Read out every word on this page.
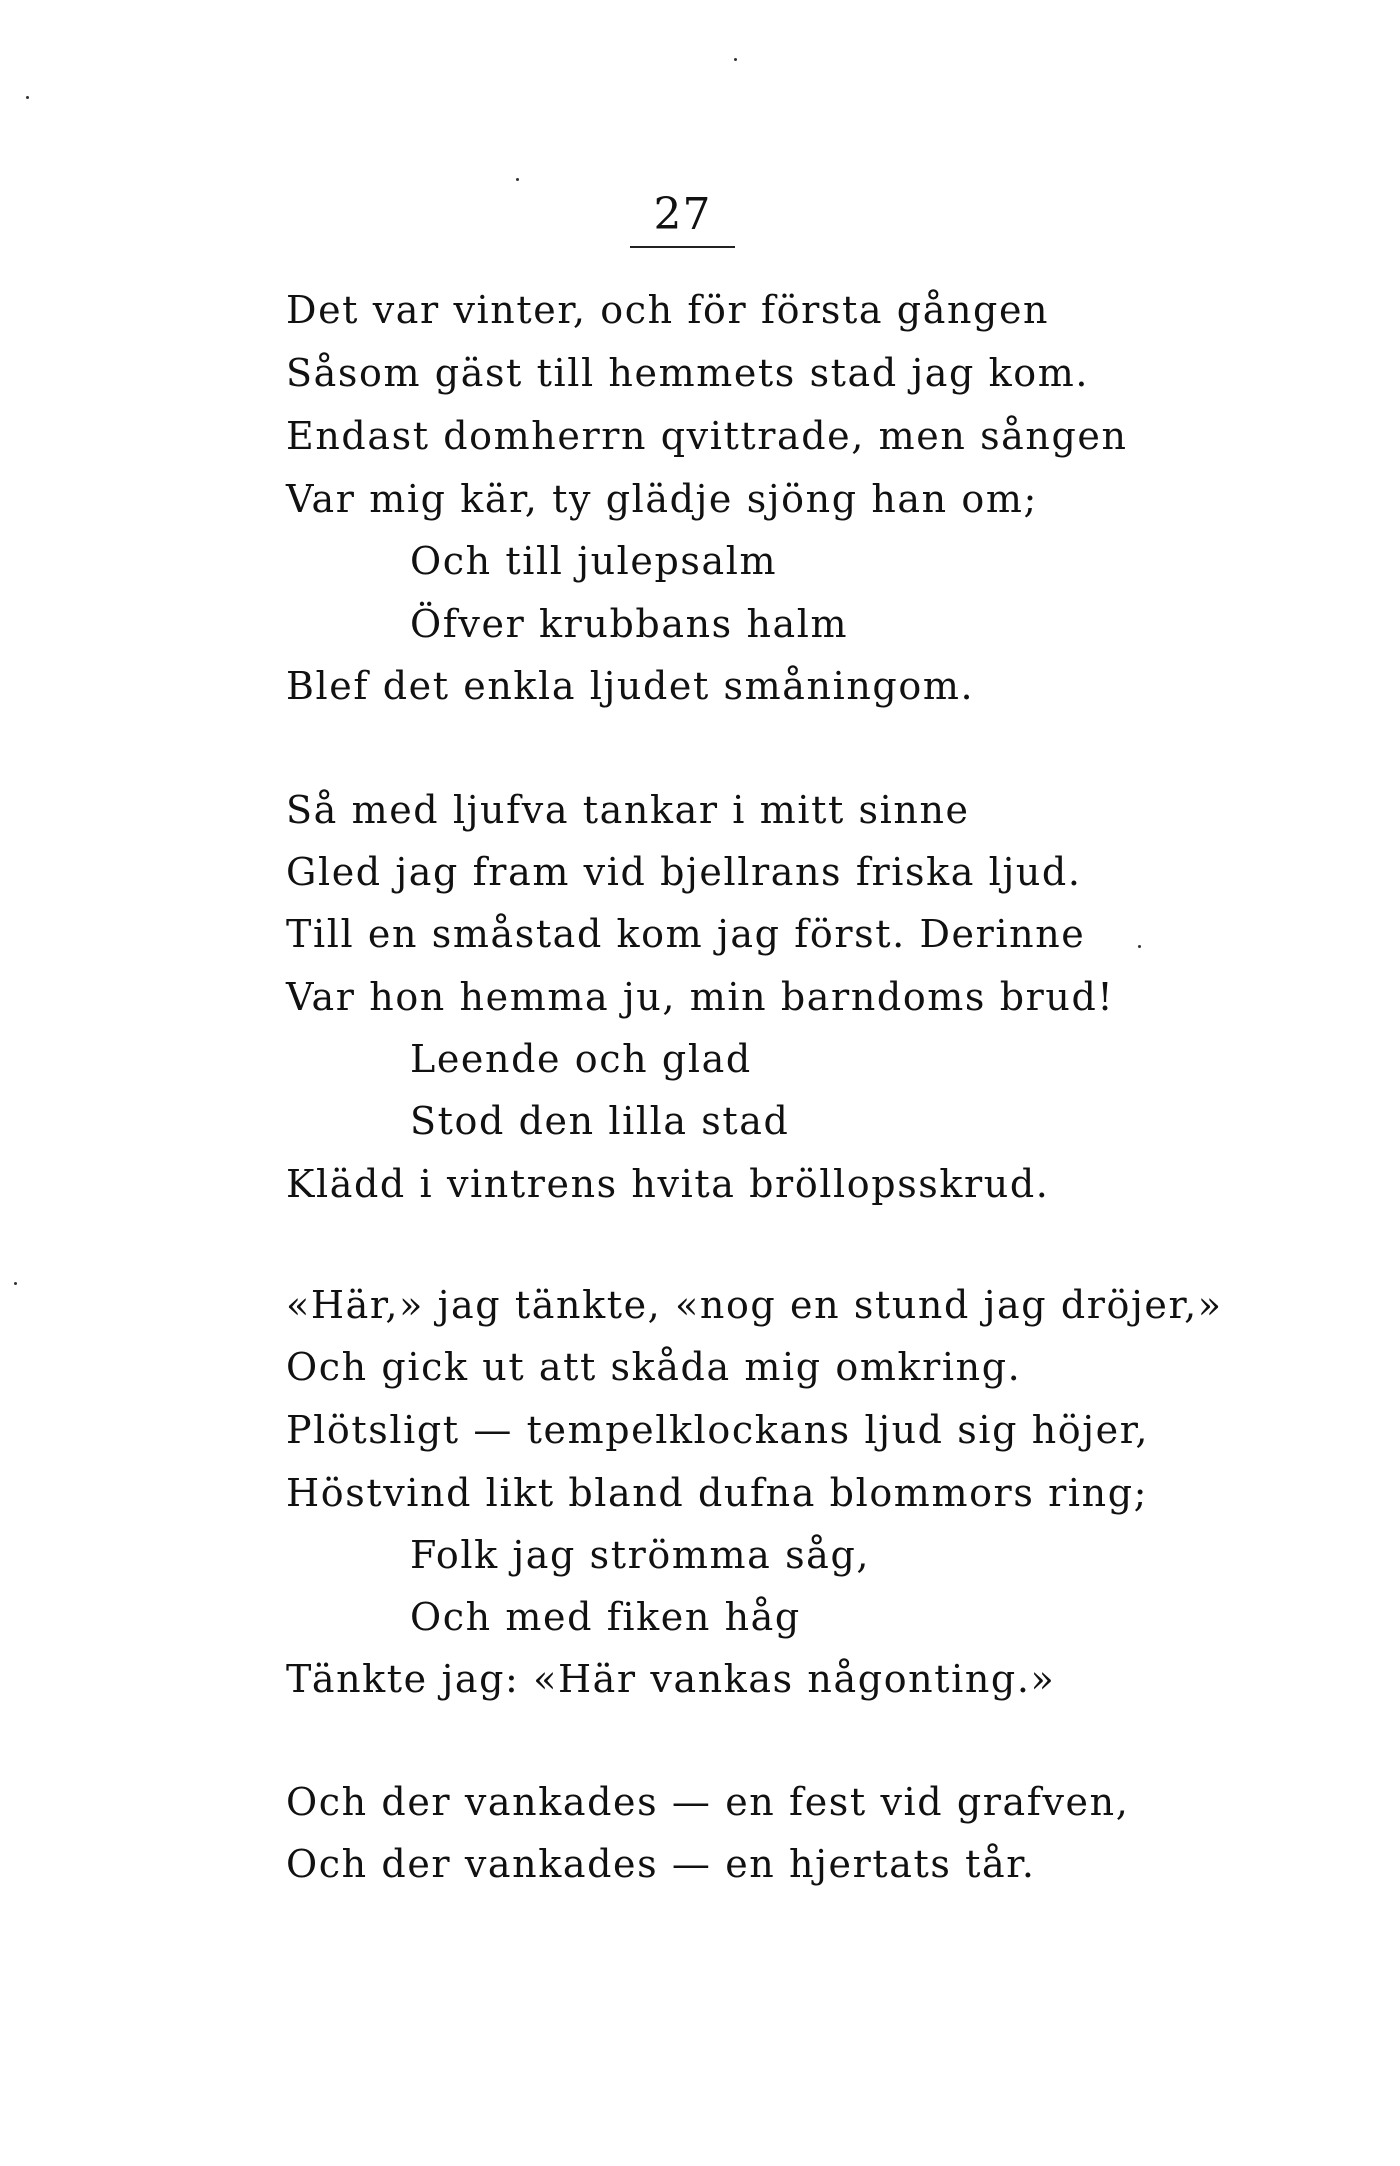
27
Det var vinter, och för första gången
Såsom gäst till hemmets stad jag kom.
Endast domherrn qvittrade, men sången
Var mig kär, ty glädje sjöng han om;
Och till julepsalm
Öfver krubbans halm
Blef det enkla ljudet småningom.
Så med ljufva tankar i mitt sinne
Gled jag fram vid bjellrans friska ljud.
Till en småstad kom jag först. Derinne
Var hon hemma ju, min barndoms brud!
Leende och glad
Stod den lilla stad
Klädd i vintrens hvita bröllopsskrud.
«Här,» jag tänkte, «nog en stund jag dröjer,»
Och gick ut att skåda mig omkring.
Plötsligt — tempelklockans ljud sig höjer,
Höstvind likt bland dufna blommors ring;
Folk jag strömma såg,
Och med fiken håg
Tänkte jag: «Här vankas någonting.»
Och der vankades — en fest vid grafven,
Och der vankades — en hjertats tår.
